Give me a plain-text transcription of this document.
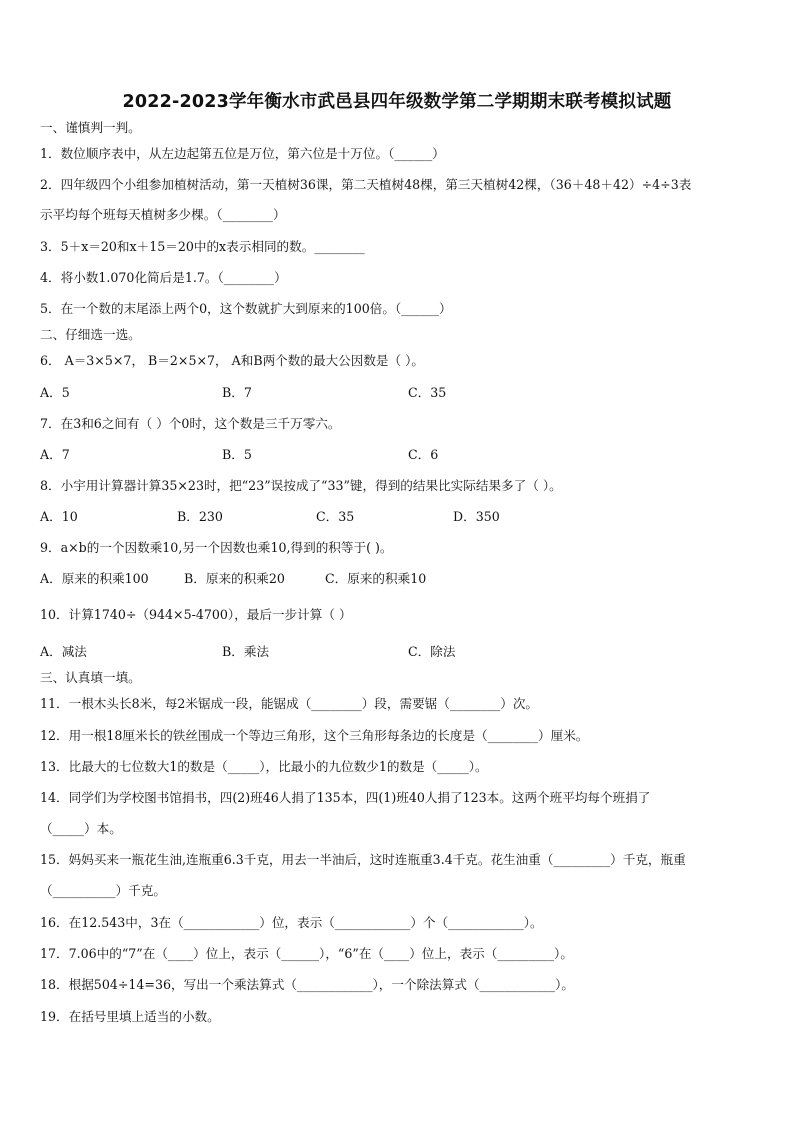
2022-2023学年衡水市武邑县四年级数学第二学期期末联考模拟试题
一、谨慎判一判。
1．数位顺序表中，从左边起第五位是万位，第六位是十万位。（______）
2．四年级四个小组参加植树活动，第一天植树36课，第二天植树48棵，第三天植树42棵，（36＋48＋42）÷4÷3表
示平均每个班每天植树多少棵。（________）
3．5＋x＝20和x＋15＝20中的x表示相同的数。________
4．将小数1.070化简后是1.7。（________）
5．在一个数的末尾添上两个0，这个数就扩大到原来的100倍。（______）
二、仔细选一选。
6． A＝3×5×7， B＝2×5×7， A和B两个数的最大公因数是（ ）。
A．5	B．7	C．35
7．在3和6之间有（ ）个0时，这个数是三千万零六。
A．7	B．5	C．6
8．小宇用计算器计算35×23时，把“23”误按成了“33”键，得到的结果比实际结果多了（ ）。
A．10	B．230	C．35	D．350
9．a×b的一个因数乘10,另一个因数也乘10,得到的积等于( )。
A．原来的积乘100	B．原来的积乘20	C．原来的积乘10
10．计算1740÷（944×5-4700），最后一步计算（ ）
A．减法	B．乘法	C．除法
三、认真填一填。
11．一根木头长8米，每2米锯成一段，能锯成（________）段，需要锯（________）次。
12．用一根18厘米长的铁丝围成一个等边三角形，这个三角形每条边的长度是（________）厘米。
13．比最大的七位数大1的数是（_____），比最小的九位数少1的数是（_____）。
14．同学们为学校图书馆捐书，四(2)班46人捐了135本，四(1)班40人捐了123本。这两个班平均每个班捐了
（_____）本。
15．妈妈买来一瓶花生油,连瓶重6.3千克，用去一半油后，这时连瓶重3.4千克。花生油重（_________）千克，瓶重
（__________）千克。
16．在12.543中，3在（____________）位，表示（____________）个（____________）。
17．7.06中的“7”在（____）位上，表示（______），“6”在（____）位上，表示（_________）。
18．根据504÷14=36，写出一个乘法算式（____________），一个除法算式（____________）。
19．在括号里填上适当的小数。
